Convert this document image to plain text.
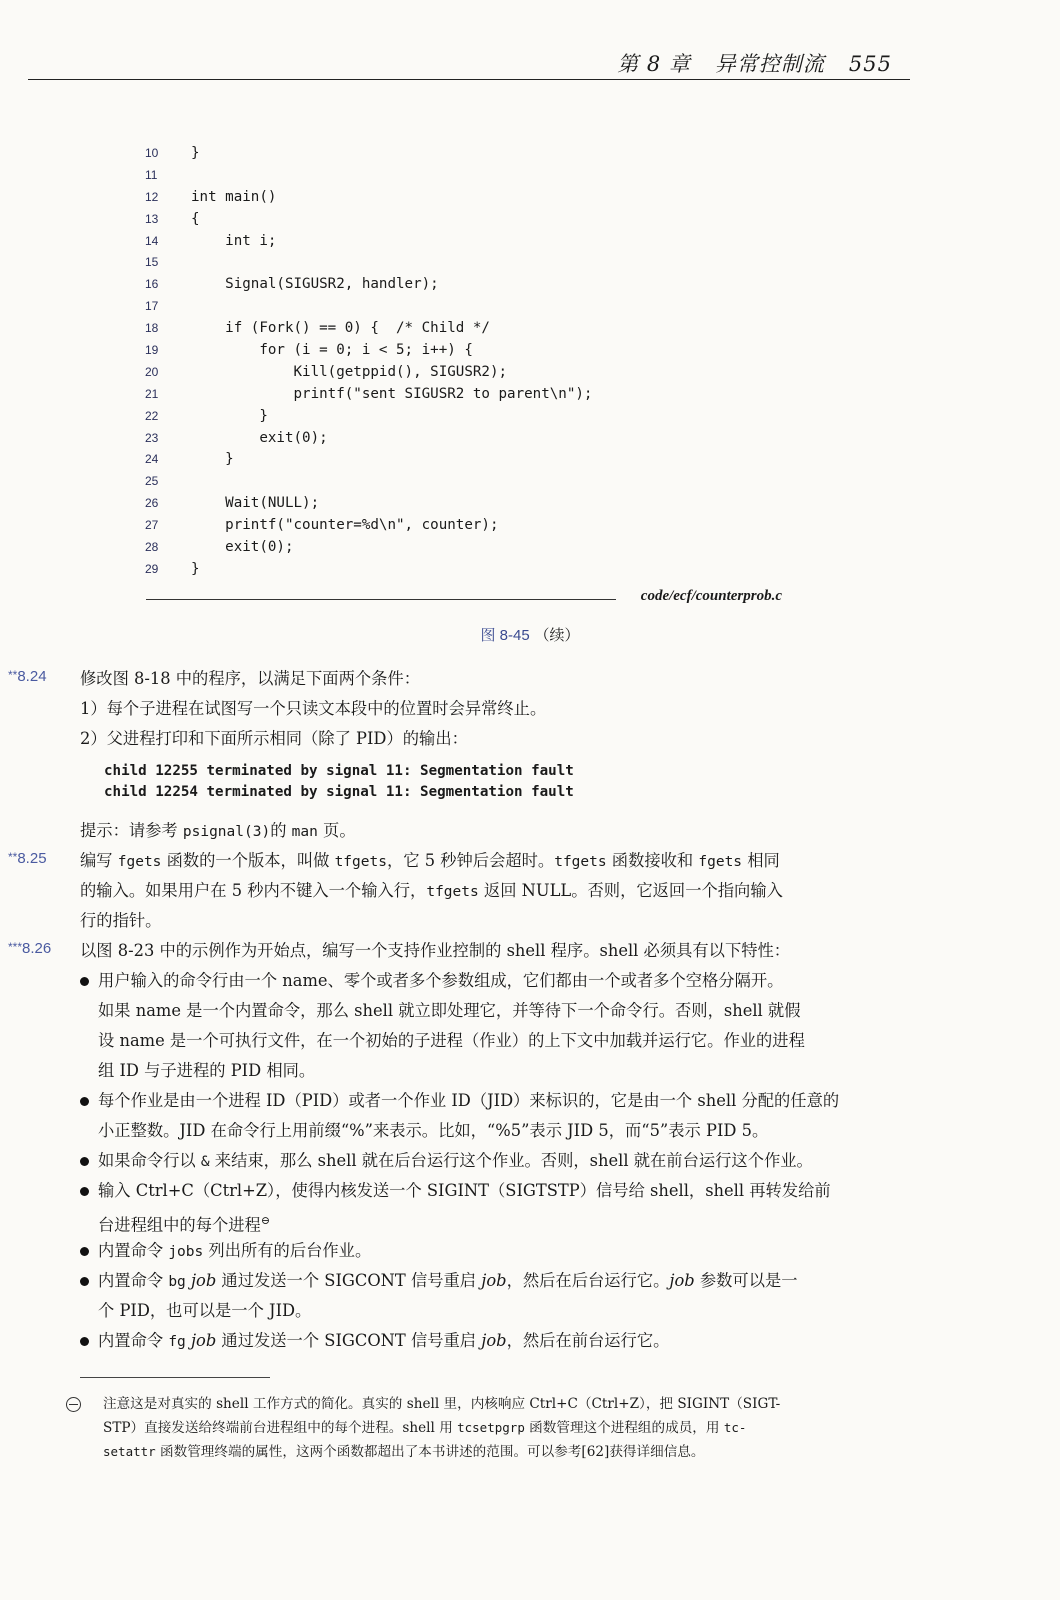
第 8 章 异常控制流 555
10	}
11
12	int main()
13	{
14	int i;
15
16	Signal(SIGUSR2, handler);
17
18	if (Fork() == 0) {  /* Child */
19	for (i = 0; i < 5; i++) {
20	Kill(getppid(), SIGUSR2);
21	printf("sent SIGUSR2 to parent\n");
22	}
23	exit(0);
24	}
25
26	Wait(NULL);
27	printf("counter=%d\n", counter);
28	exit(0);
29	}
code/ecf/counterprob.c
图 8-45 （续）
**8.24 修改图 8-18 中的程序，以满足下面两个条件：
1）每个子进程在试图写一个只读文本段中的位置时会异常终止。
2）父进程打印和下面所示相同（除了 PID）的输出：
child 12255 terminated by signal 11: Segmentation fault
child 12254 terminated by signal 11: Segmentation fault
提示：请参考 psignal(3)的 man 页。
**8.25 编写 fgets 函数的一个版本，叫做 tfgets，它 5 秒钟后会超时。tfgets 函数接收和 fgets 相同
的输入。如果用户在 5 秒内不键入一个输入行，tfgets 返回 NULL。否则，它返回一个指向输入
行的指针。
***8.26 以图 8-23 中的示例作为开始点，编写一个支持作业控制的 shell 程序。shell 必须具有以下特性：
用户输入的命令行由一个 name、零个或者多个参数组成，它们都由一个或者多个空格分隔开。
如果 name 是一个内置命令，那么 shell 就立即处理它，并等待下一个命令行。否则，shell 就假
设 name 是一个可执行文件，在一个初始的子进程（作业）的上下文中加载并运行它。作业的进程
组 ID 与子进程的 PID 相同。
每个作业是由一个进程 ID（PID）或者一个作业 ID（JID）来标识的，它是由一个 shell 分配的任意的
小正整数。JID 在命令行上用前缀“%”来表示。比如，“%5”表示 JID 5，而“5”表示 PID 5。
如果命令行以 & 来结束，那么 shell 就在后台运行这个作业。否则，shell 就在前台运行这个作业。
输入 Ctrl+C（Ctrl+Z），使得内核发送一个 SIGINT（SIGTSTP）信号给 shell，shell 再转发给前
台进程组中的每个进程⊖
内置命令 jobs 列出所有的后台作业。
内置命令 bg job 通过发送一个 SIGCONT 信号重启 job，然后在后台运行它。job 参数可以是一
个 PID，也可以是一个 JID。
内置命令 fg job 通过发送一个 SIGCONT 信号重启 job，然后在前台运行它。
注意这是对真实的 shell 工作方式的简化。真实的 shell 里，内核响应 Ctrl+C（Ctrl+Z），把 SIGINT（SIGT-
STP）直接发送给终端前台进程组中的每个进程。shell 用 tcsetpgrp 函数管理这个进程组的成员，用 tc-
setattr 函数管理终端的属性，这两个函数都超出了本书讲述的范围。可以参考[62]获得详细信息。
